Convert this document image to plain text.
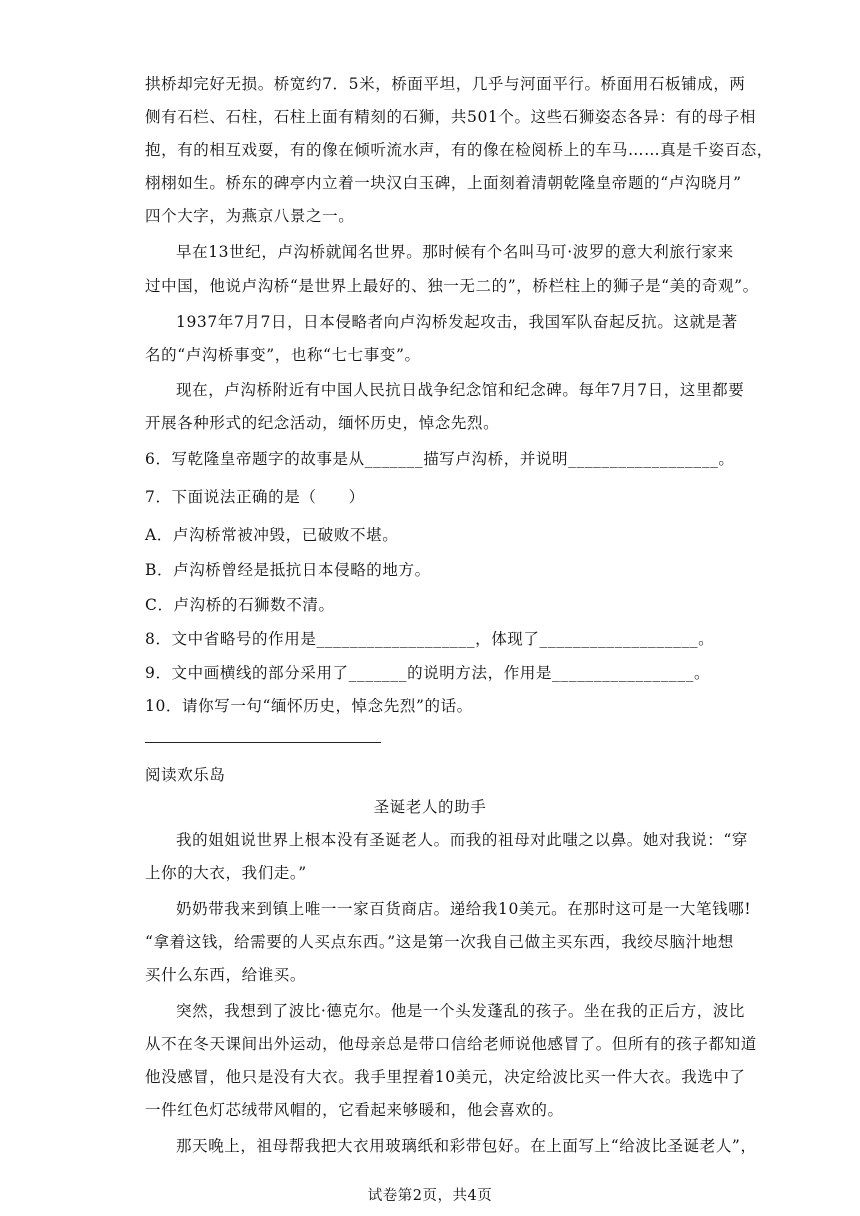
拱桥却完好无损。桥宽约7．5米，桥面平坦，几乎与河面平行。桥面用石板铺成，两
侧有石栏、石柱，石柱上面有精刻的石狮，共501个。这些石狮姿态各异：有的母子相
抱，有的相互戏耍，有的像在倾听流水声，有的像在检阅桥上的车马……真是千姿百态，
栩栩如生。桥东的碑亭内立着一块汉白玉碑，上面刻着清朝乾隆皇帝题的“卢沟晓月”
四个大字，为燕京八景之一。
早在13世纪，卢沟桥就闻名世界。那时候有个名叫马可·波罗的意大利旅行家来
过中国，他说卢沟桥“是世界上最好的、独一无二的”，桥栏柱上的狮子是“美的奇观”。
1937年7月7日，日本侵略者向卢沟桥发起攻击，我国军队奋起反抗。这就是著
名的“卢沟桥事变”，也称“七七事变”。
现在，卢沟桥附近有中国人民抗日战争纪念馆和纪念碑。每年7月7日，这里都要
开展各种形式的纪念活动，缅怀历史，悼念先烈。
6．写乾隆皇帝题字的故事是从_______描写卢沟桥，并说明__________________。
7．下面说法正确的是（　　）
A．卢沟桥常被冲毁，已破败不堪。
B．卢沟桥曾经是抵抗日本侵略的地方。
C．卢沟桥的石狮数不清。
8．文中省略号的作用是___________________，体现了___________________。
9．文中画横线的部分采用了_______的说明方法，作用是_________________。
10．请你写一句“缅怀历史，悼念先烈”的话。
阅读欢乐岛
圣诞老人的助手
我的姐姐说世界上根本没有圣诞老人。而我的祖母对此嗤之以鼻。她对我说：“穿
上你的大衣，我们走。”
奶奶带我来到镇上唯一一家百货商店。递给我10美元。在那时这可是一大笔钱哪!
“拿着这钱，给需要的人买点东西。”这是第一次我自己做主买东西，我绞尽脑汁地想
买什么东西，给谁买。
突然，我想到了波比·德克尔。他是一个头发蓬乱的孩子。坐在我的正后方，波比
从不在冬天课间出外运动，他母亲总是带口信给老师说他感冒了。但所有的孩子都知道
他没感冒，他只是没有大衣。我手里捏着10美元，决定给波比买一件大衣。我选中了
一件红色灯芯绒带风帽的，它看起来够暖和，他会喜欢的。
那天晚上，祖母帮我把大衣用玻璃纸和彩带包好。在上面写上“给波比圣诞老人”，
试卷第2页，共4页
